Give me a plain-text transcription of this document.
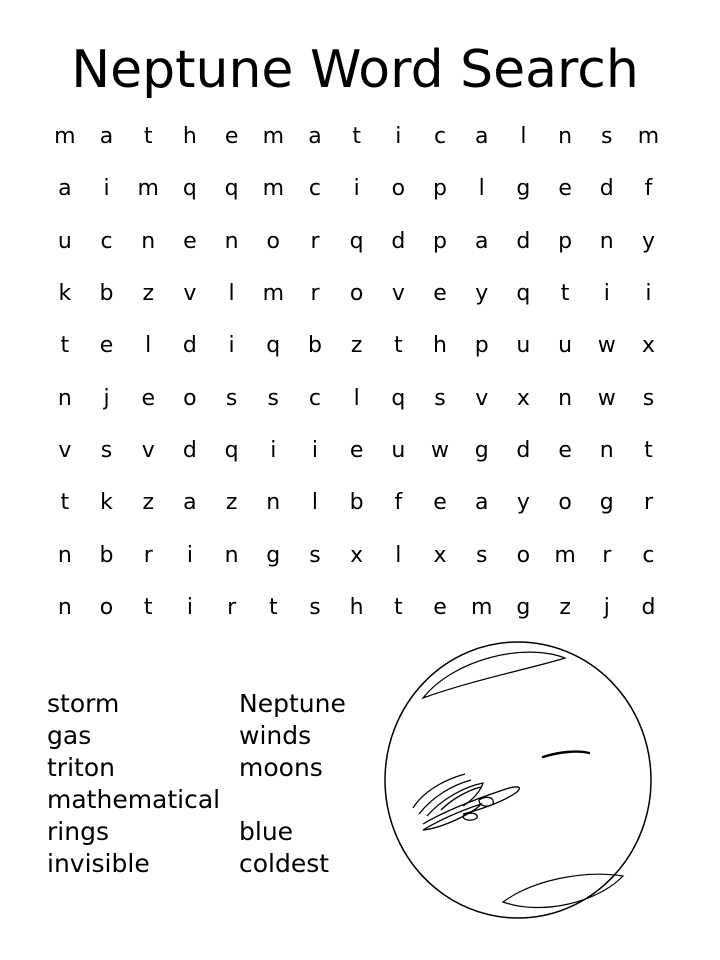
Neptune Word Search
m	a	t	h	e	m	a	t	i	c	a	l	n	s	m
a	i	m	q	q	m	c	i	o	p	l	g	e	d	f
u	c	n	e	n	o	r	q	d	p	a	d	p	n	y
k	b	z	v	l	m	r	o	v	e	y	q	t	i	i
t	e	l	d	i	q	b	z	t	h	p	u	u	w	x
n	j	e	o	s	s	c	l	q	s	v	x	n	w	s
v	s	v	d	q	i	i	e	u	w	g	d	e	n	t
t	k	z	a	z	n	l	b	f	e	a	y	o	g	r
n	b	r	i	n	g	s	x	l	x	s	o	m	r	c
n	o	t	i	r	t	s	h	t	e	m	g	z	j	d
storm
gas
triton
mathematical
rings
invisible
Neptune
winds
moons
blue
coldest
